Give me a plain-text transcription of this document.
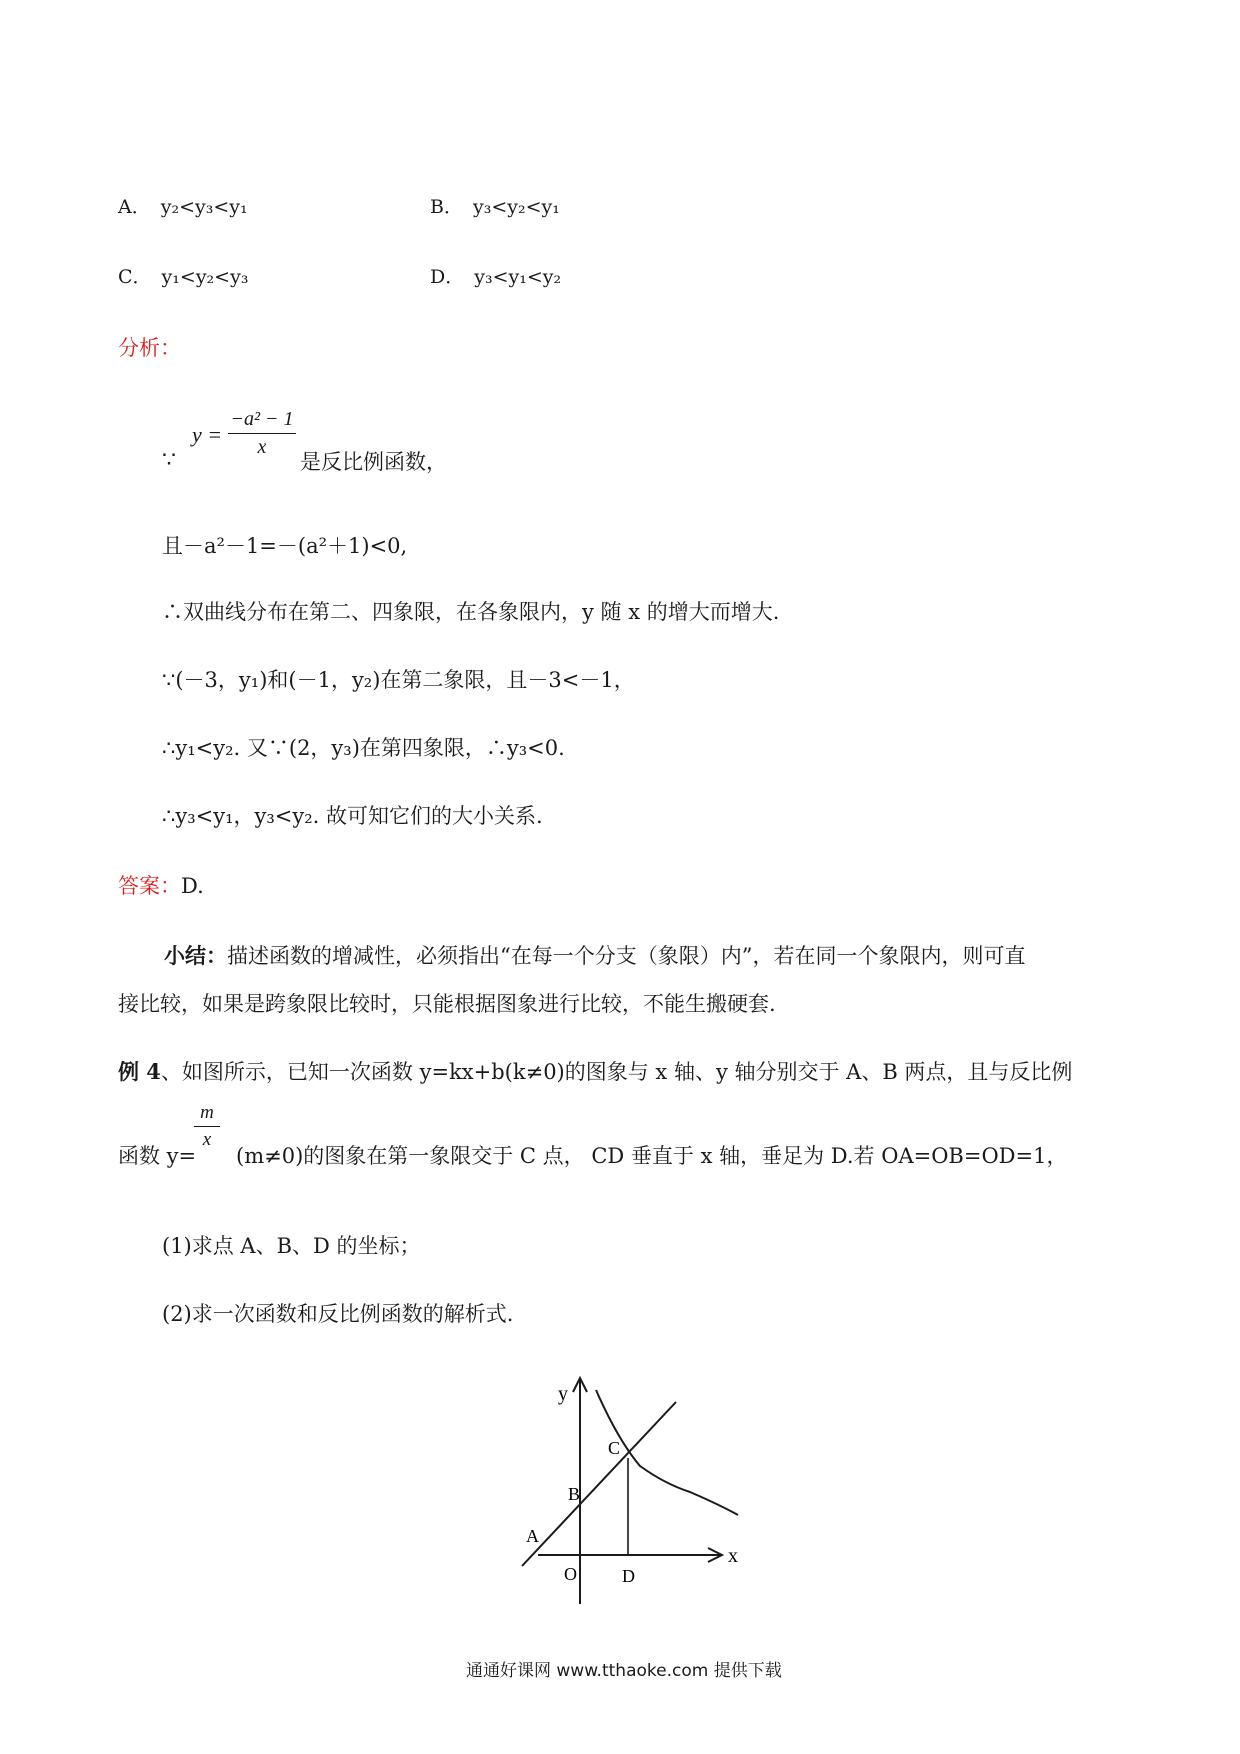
A． y₂<y₃<y₁	B． y₃<y₂<y₁
C． y₁<y₂<y₃	D． y₃<y₁<y₂
分析：
∵
$y = \frac{\text{−a² − 1}}{x}$
是反比例函数，
且－a²－1=－(a²＋1)<0,
∴双曲线分布在第二、四象限，在各象限内，y 随 x 的增大而增大.
∵(－3，y₁)和(－1，y₂)在第二象限，且－3<－1，
∴y₁<y₂. 又∵(2，y₃)在第四象限，∴y₃<0.
∴y₃<y₁，y₃<y₂. 故可知它们的大小关系.
答案：D.
小结：描述函数的增减性，必须指出“在每一个分支（象限）内”，若在同一个象限内，则可直
接比较，如果是跨象限比较时，只能根据图象进行比较，不能生搬硬套.
例 4、如图所示，已知一次函数 y=kx+b(k≠0)的图象与 x 轴、y 轴分别交于 A、B 两点，且与反比例
函数 y=
$\frac{m}{x}$
(m≠0)的图象在第一象限交于 C 点， CD 垂直于 x 轴，垂足为 D.若 OA=OB=OD=1，
(1)求点 A、B、D 的坐标；
(2)求一次函数和反比例函数的解析式.
y
x
O
A
B
C
D
通通好课网 www.tthaoke.com 提供下载
